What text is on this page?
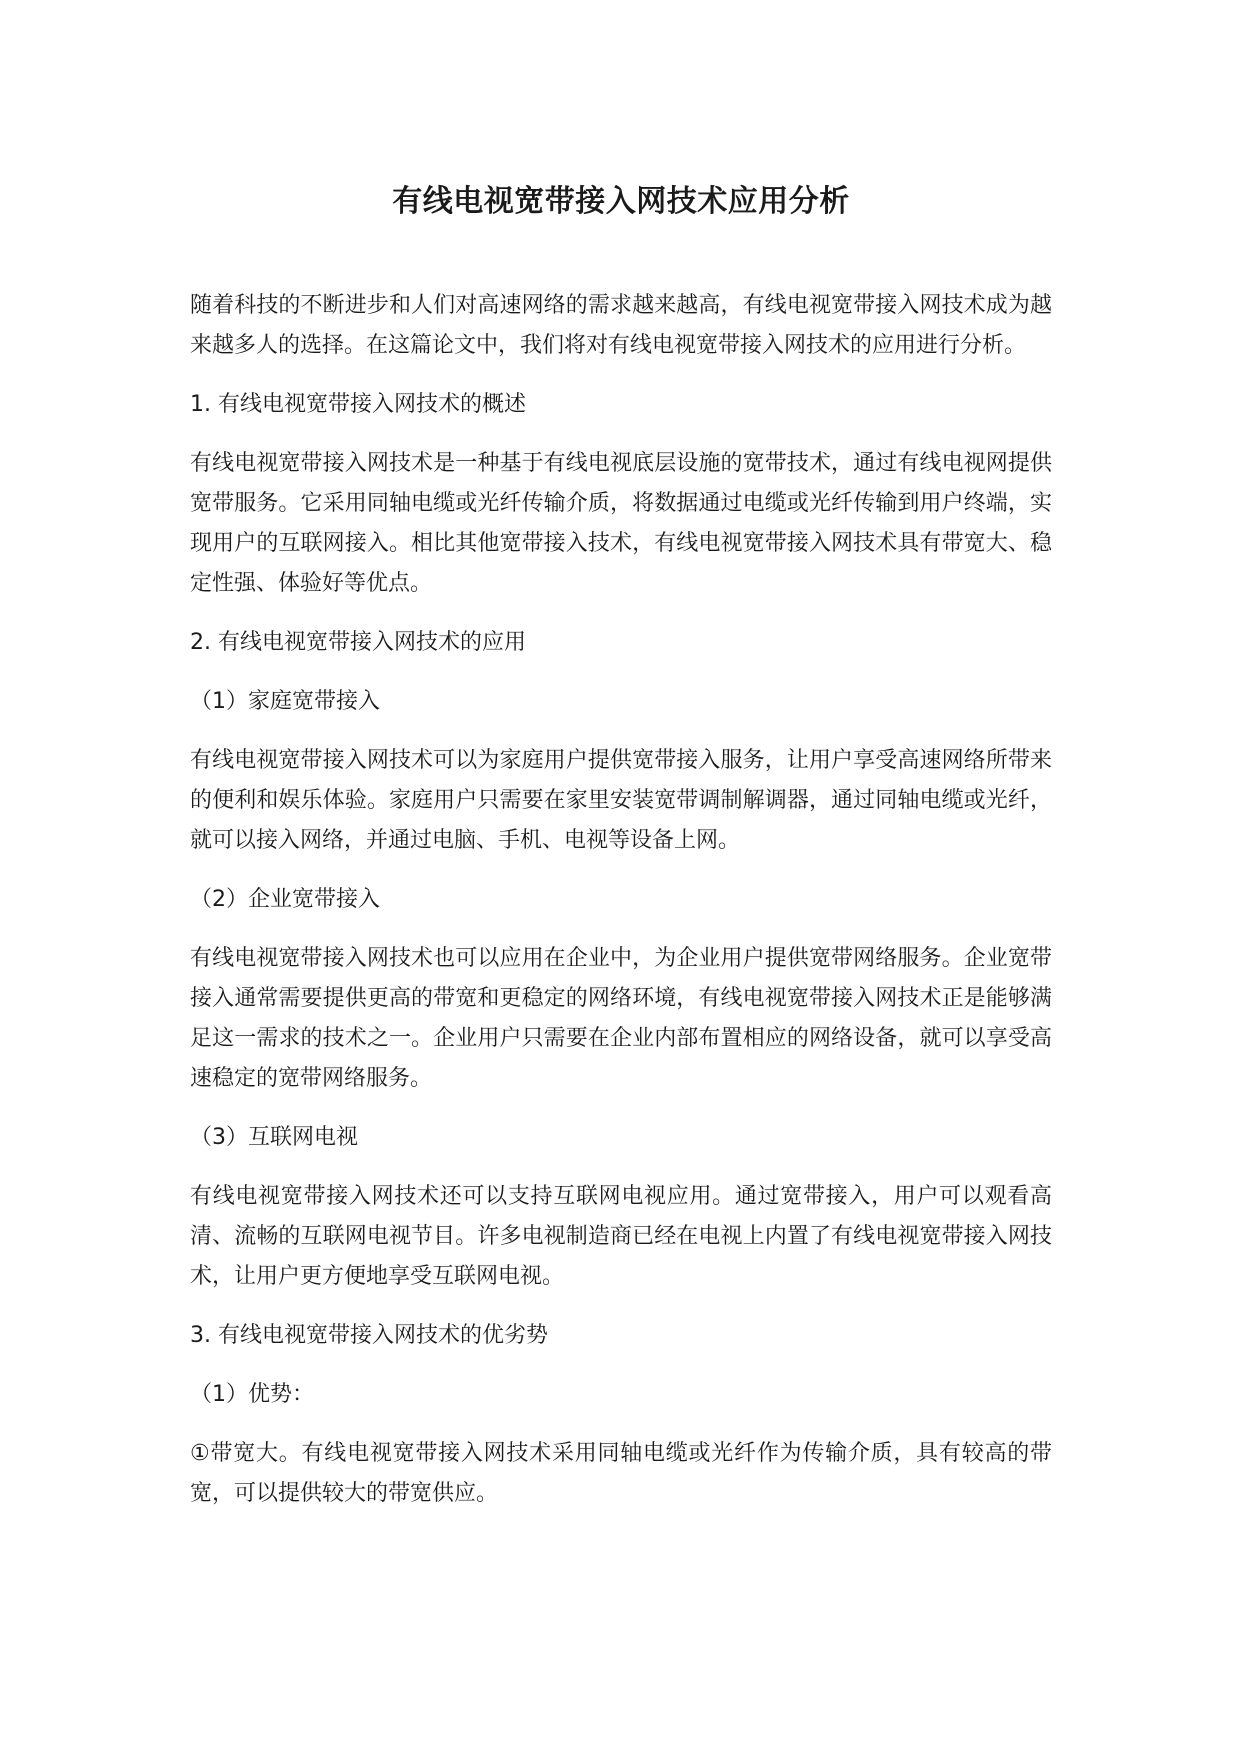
有线电视宽带接入网技术应用分析

随着科技的不断进步和人们对高速网络的需求越来越高，有线电视宽带接入网技术成为越来越多人的选择。在这篇论文中，我们将对有线电视宽带接入网技术的应用进行分析。

1. 有线电视宽带接入网技术的概述

有线电视宽带接入网技术是一种基于有线电视底层设施的宽带技术，通过有线电视网提供宽带服务。它采用同轴电缆或光纤传输介质，将数据通过电缆或光纤传输到用户终端，实现用户的互联网接入。相比其他宽带接入技术，有线电视宽带接入网技术具有带宽大、稳定性强、体验好等优点。

2. 有线电视宽带接入网技术的应用

（1）家庭宽带接入

有线电视宽带接入网技术可以为家庭用户提供宽带接入服务，让用户享受高速网络所带来的便利和娱乐体验。家庭用户只需要在家里安装宽带调制解调器，通过同轴电缆或光纤，就可以接入网络，并通过电脑、手机、电视等设备上网。

（2）企业宽带接入

有线电视宽带接入网技术也可以应用在企业中，为企业用户提供宽带网络服务。企业宽带接入通常需要提供更高的带宽和更稳定的网络环境，有线电视宽带接入网技术正是能够满足这一需求的技术之一。企业用户只需要在企业内部布置相应的网络设备，就可以享受高速稳定的宽带网络服务。

（3）互联网电视

有线电视宽带接入网技术还可以支持互联网电视应用。通过宽带接入，用户可以观看高清、流畅的互联网电视节目。许多电视制造商已经在电视上内置了有线电视宽带接入网技术，让用户更方便地享受互联网电视。

3. 有线电视宽带接入网技术的优劣势

（1）优势：

①带宽大。有线电视宽带接入网技术采用同轴电缆或光纤作为传输介质，具有较高的带宽，可以提供较大的带宽供应。
